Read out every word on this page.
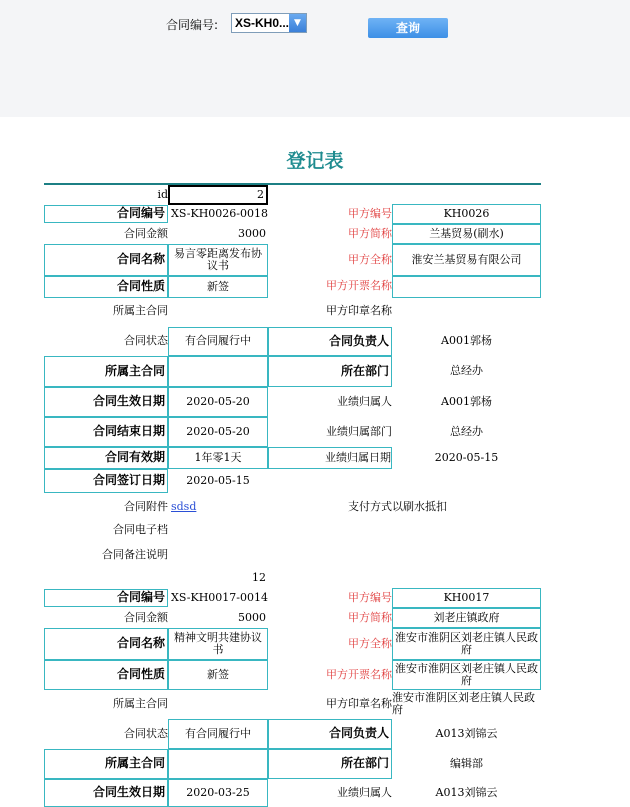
合同编号: XS-KH0... ▼	查询
登记表
id	2
合同编号 XS-KH0026-0018	甲方编号	KH0026
合同金额	3000	甲方简称	兰基贸易(刷水)
合同名称 易言零距离发布协议书	甲方全称	淮安兰基贸易有限公司
合同性质	新签	甲方开票名称
所属主合同	甲方印章名称
合同状态	有合同履行中	合同负责人	A001郭杨
所属主合同	所在部门	总经办
合同生效日期	2020-05-20	业绩归属人	A001郭杨
合同结束日期	2020-05-20	业绩归属部门	总经办
合同有效期	1年零1天	业绩归属日期	2020-05-15
合同签订日期	2020-05-15
合同附件 sdsd	支付方式 以刷水抵扣
合同电子档
合同备注说明
12
合同编号 XS-KH0017-0014	甲方编号	KH0017
合同金额	5000	甲方简称	刘老庄镇政府
合同名称 精神文明共建协议书	甲方全称 淮安市淮阴区刘老庄镇人民政府
合同性质	新签	甲方开票名称 淮安市淮阴区刘老庄镇人民政府
所属主合同	甲方印章名称 淮安市淮阴区刘老庄镇人民政府
合同状态	有合同履行中	合同负责人	A013刘锦云
所属主合同	所在部门	编辑部
合同生效日期	2020-03-25	业绩归属人	A013刘锦云
